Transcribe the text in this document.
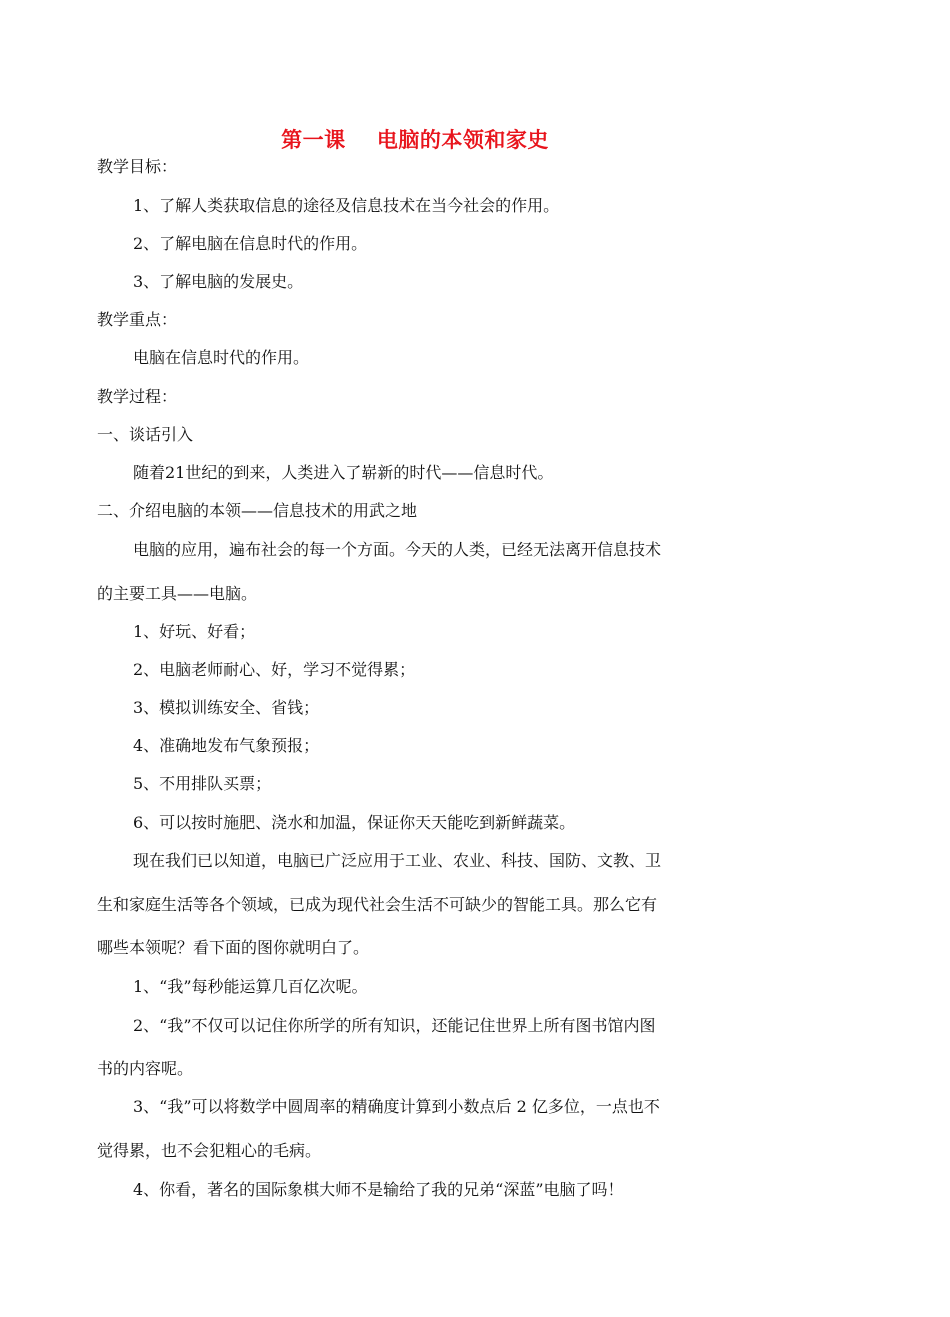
第一课    电脑的本领和家史
教学目标：
1、了解人类获取信息的途径及信息技术在当今社会的作用。
2、了解电脑在信息时代的作用。
3、了解电脑的发展史。
教学重点：
电脑在信息时代的作用。
教学过程：
一、谈话引入
随着21世纪的到来，人类进入了崭新的时代——信息时代。
二、介绍电脑的本领——信息技术的用武之地
电脑的应用，遍布社会的每一个方面。今天的人类，已经无法离开信息技术
的主要工具——电脑。
1、好玩、好看；
2、电脑老师耐心、好，学习不觉得累；
3、模拟训练安全、省钱；
4、准确地发布气象预报；
5、不用排队买票；
6、可以按时施肥、浇水和加温，保证你天天能吃到新鲜蔬菜。
现在我们已以知道，电脑已广泛应用于工业、农业、科技、国防、文教、卫
生和家庭生活等各个领域，已成为现代社会生活不可缺少的智能工具。那么它有
哪些本领呢？看下面的图你就明白了。
1、“我”每秒能运算几百亿次呢。
2、“我”不仅可以记住你所学的所有知识，还能记住世界上所有图书馆内图
书的内容呢。
3、“我”可以将数学中圆周率的精确度计算到小数点后 2 亿多位，一点也不
觉得累，也不会犯粗心的毛病。
4、你看，著名的国际象棋大师不是输给了我的兄弟“深蓝”电脑了吗！
